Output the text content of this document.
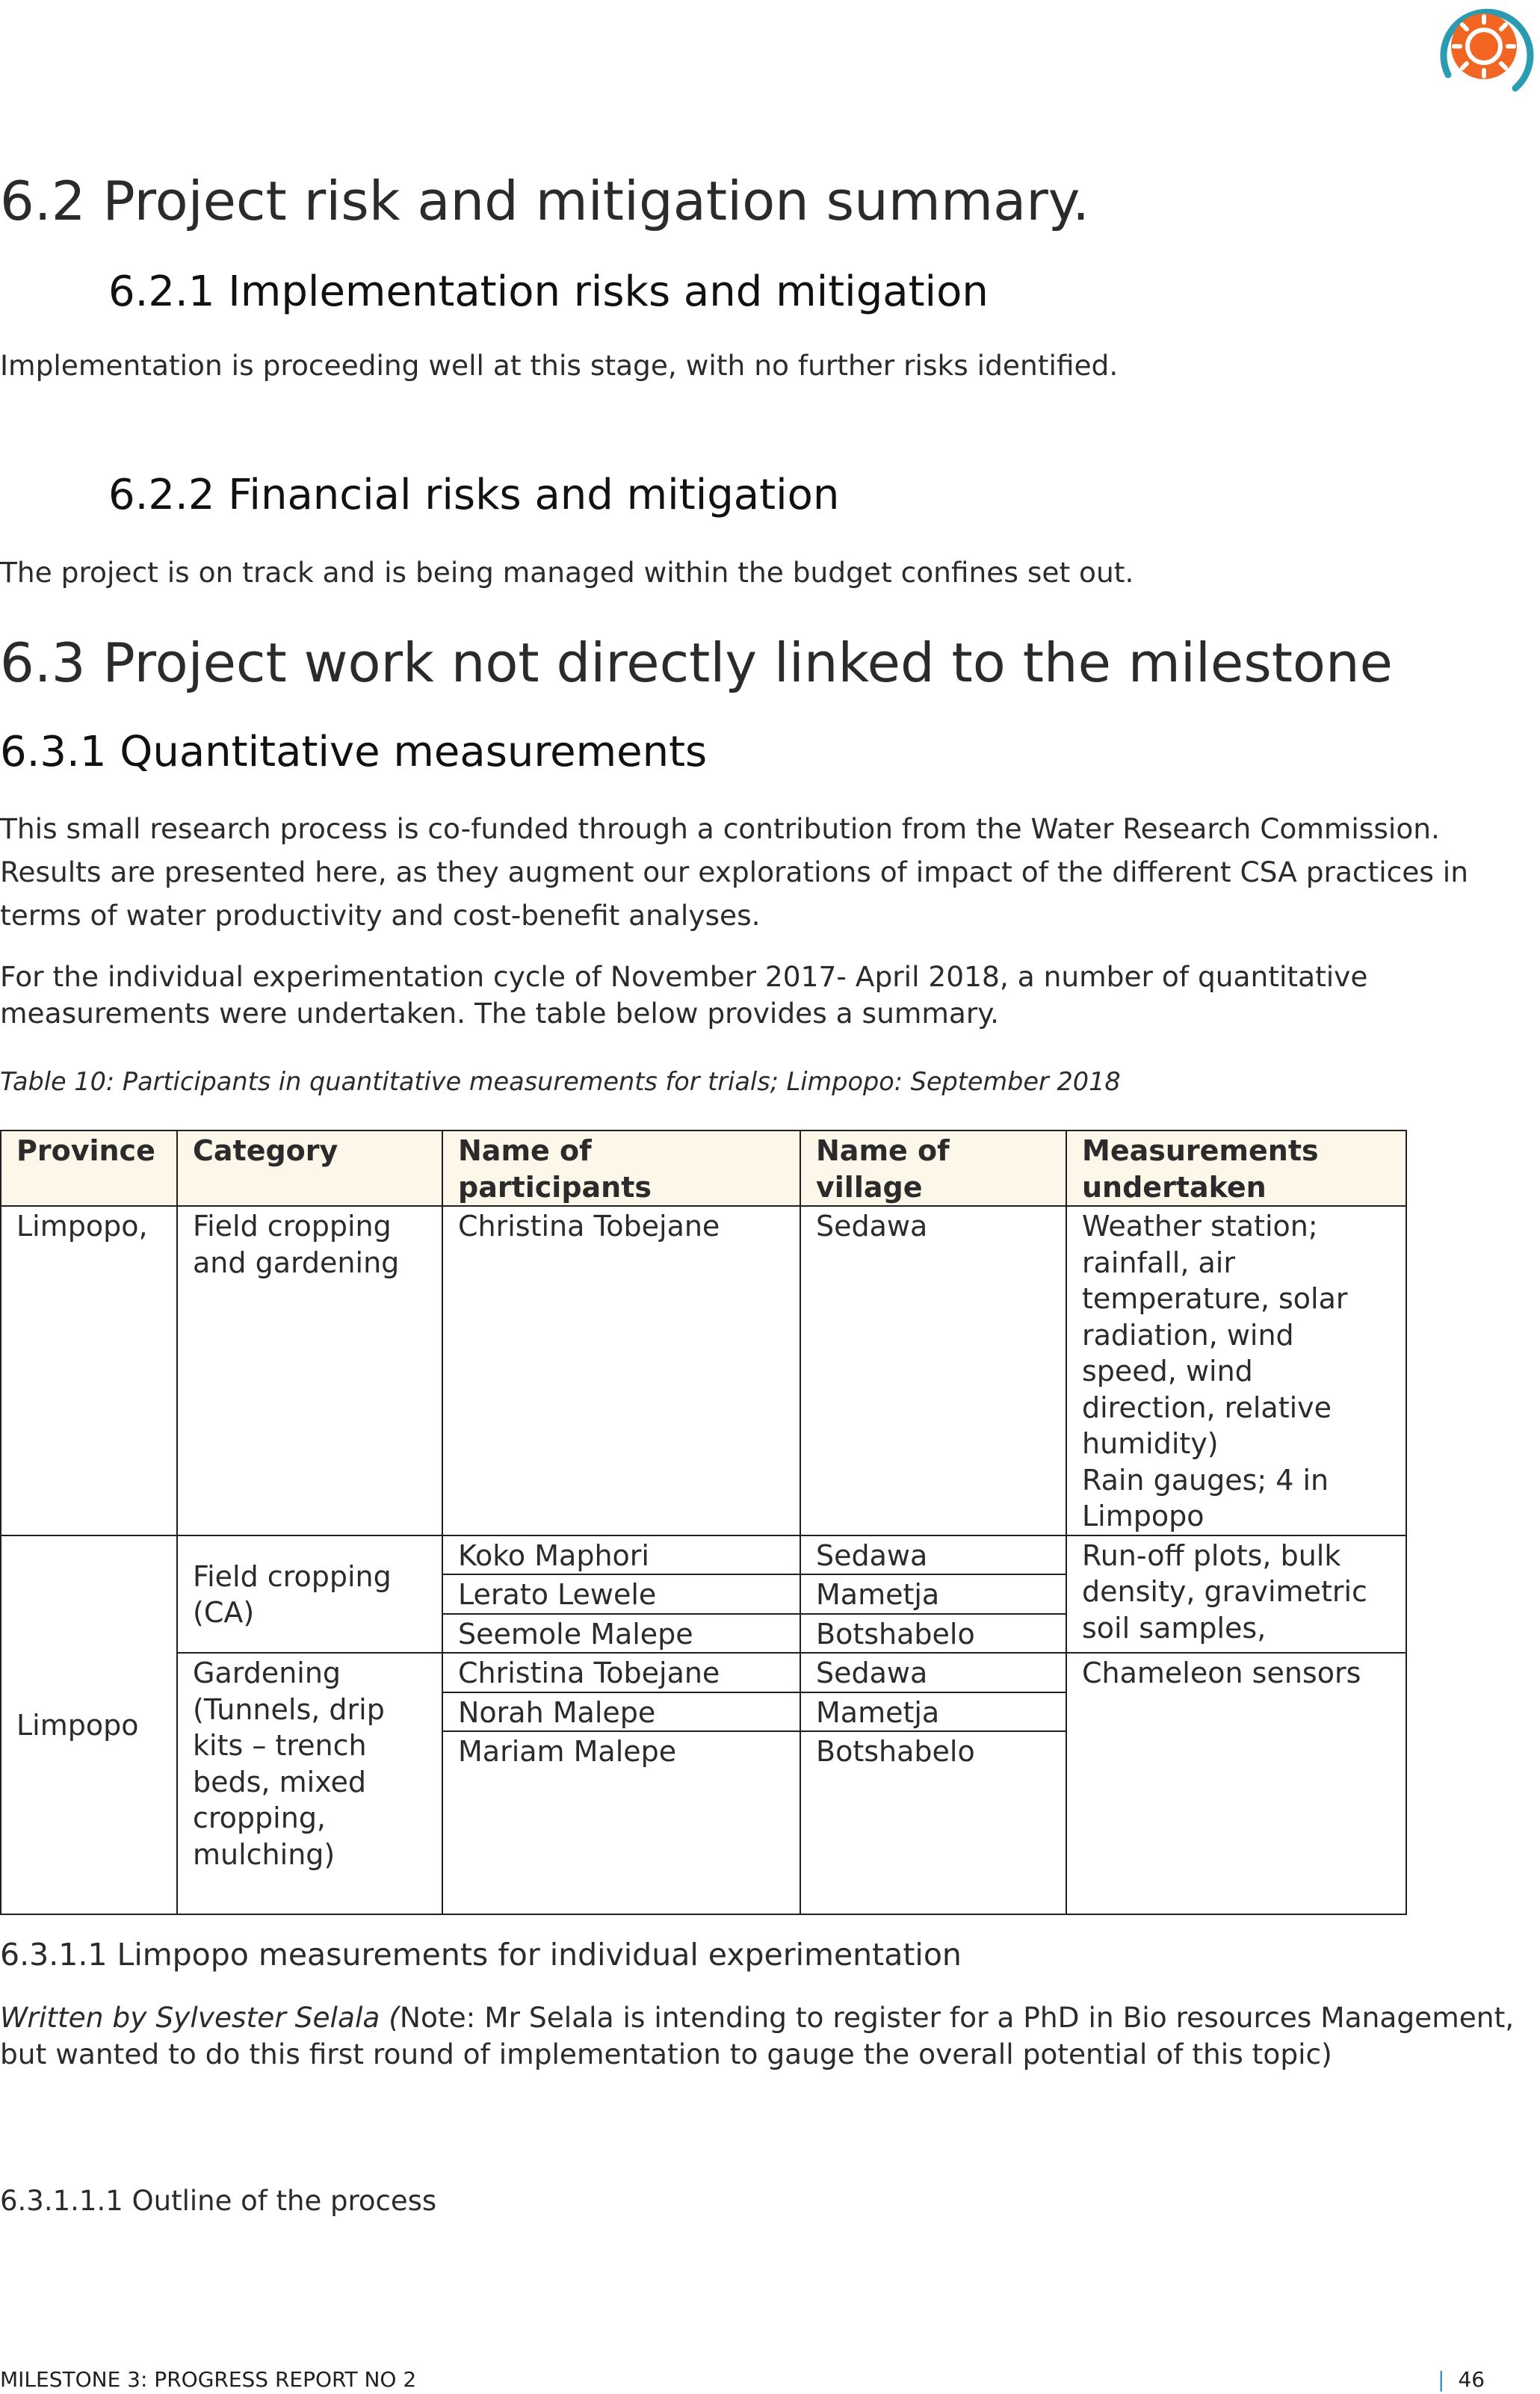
6.2 Project risk and mitigation summary.
6.2.1 Implementation risks and mitigation

Implementation is proceeding well at this stage, with no further risks identified.

6.2.2 Financial risks and mitigation

The project is on track and is being managed within the budget confines set out.

6.3 Project work not directly linked to the milestone
6.3.1 Quantitative measurements

This small research process is co-funded through a contribution from the Water Research Commission.

Results are presented here, as they augment our explorations of impact of the different CSA practices in

terms of water productivity and cost-benefit analyses.

For the individual experimentation cycle of November 2017- April 2018, a number of quantitative

measurements were undertaken. The table below provides a summary.

Table 10: Participants in quantitative measurements for trials; Limpopo: September 2018

Province	Category	Name of participants	Name of village	Measurements undertaken
Limpopo,	Field cropping and gardening	Christina Tobejane	Sedawa	Weather station; rainfall, air temperature, solar radiation, wind speed, wind direction, relative humidity)
Rain gauges; 4 in Limpopo

Limpopo	Field cropping (CA)	Koko Maphori	Sedawa	Run-off plots, bulk density, gravimetric soil samples,
		Lerato Lewele	Mametja	
		Seemole Malepe	Botshabelo	
	Gardening (Tunnels, drip kits – trench beds, mixed cropping, mulching)	Christina Tobejane	Sedawa	Chameleon sensors
		Norah Malepe	Mametja	
		Mariam Malepe	Botshabelo	
6.3.1.1 Limpopo measurements for individual experimentation

Written by Sylvester Selala (Note: Mr Selala is intending to register for a PhD in Bio resources Management, but wanted to do this first round of implementation to gauge the overall potential of this topic)

6.3.1.1.1 Outline of the process
MILESTONE 3: PROGRESS REPORT NO 2	| 46
